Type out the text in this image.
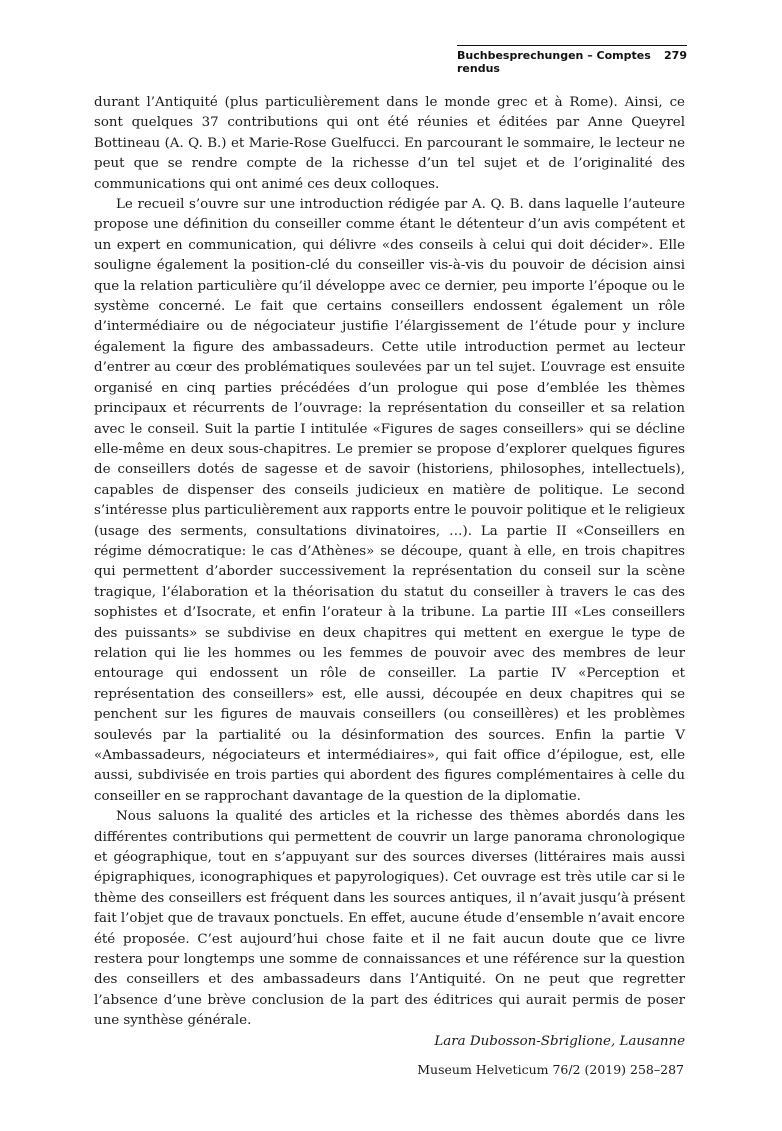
Buchbesprechungen – Comptes rendus
279

durant l’Antiquité (plus particulièrement dans le monde grec et à Rome). Ainsi, ce sont quelques 37 contributions qui ont été réunies et éditées par Anne Queyrel Bottineau (A. Q. B.) et Marie-Rose Guelfucci. En parcourant le sommaire, le lecteur ne peut que se rendre compte de la richesse d’un tel sujet et de l’originalité des communications qui ont animé ces deux colloques.

Le recueil s’ouvre sur une introduction rédigée par A. Q. B. dans laquelle l’auteure propose une définition du conseiller comme étant le détenteur d’un avis compétent et un expert en communication, qui délivre «des conseils à celui qui doit décider». Elle souligne également la position-clé du conseiller vis-à-vis du pouvoir de décision ainsi que la relation particulière qu’il développe avec ce dernier, peu importe l’époque ou le système concerné. Le fait que certains conseillers endossent également un rôle d’intermédiaire ou de négociateur justifie l’élargissement de l’étude pour y inclure également la figure des ambassadeurs. Cette utile introduction permet au lecteur d’entrer au cœur des problématiques soulevées par un tel sujet. L’ouvrage est ensuite organisé en cinq parties précédées d’un prologue qui pose d’emblée les thèmes principaux et récurrents de l’ouvrage: la représentation du conseiller et sa relation avec le conseil. Suit la partie I intitulée «Figures de sages conseillers» qui se décline elle-même en deux sous-chapitres. Le premier se propose d’explorer quelques figures de conseillers dotés de sagesse et de savoir (historiens, philosophes, intellectuels), capables de dispenser des conseils judicieux en matière de politique. Le second s’intéresse plus particulièrement aux rapports entre le pouvoir politique et le religieux (usage des serments, consultations divinatoires, …). La partie II «Conseillers en régime démocratique: le cas d’Athènes» se découpe, quant à elle, en trois chapitres qui permettent d’aborder successivement la représentation du conseil sur la scène tragique, l’élaboration et la théorisation du statut du conseiller à travers le cas des sophistes et d’Isocrate, et enfin l’orateur à la tribune. La partie III «Les conseillers des puissants» se subdivise en deux chapitres qui mettent en exergue le type de relation qui lie les hommes ou les femmes de pouvoir avec des membres de leur entourage qui endossent un rôle de conseiller. La partie IV «Perception et représentation des conseillers» est, elle aussi, découpée en deux chapitres qui se penchent sur les figures de mauvais conseillers (ou conseillères) et les problèmes soulevés par la partialité ou la désinformation des sources. Enfin la partie V «Ambassadeurs, négociateurs et intermédiaires», qui fait office d’épilogue, est, elle aussi, subdivisée en trois parties qui abordent des figures complémentaires à celle du conseiller en se rapprochant davantage de la question de la diplomatie.

Nous saluons la qualité des articles et la richesse des thèmes abordés dans les différentes contributions qui permettent de couvrir un large panorama chronologique et géographique, tout en s’appuyant sur des sources diverses (littéraires mais aussi épigraphiques, iconographiques et papyrologiques). Cet ouvrage est très utile car si le thème des conseillers est fréquent dans les sources antiques, il n’avait jusqu’à présent fait l’objet que de travaux ponctuels. En effet, aucune étude d’ensemble n’avait encore été proposée. C’est aujourd’hui chose faite et il ne fait aucun doute que ce livre restera pour longtemps une somme de connaissances et une référence sur la question des conseillers et des ambassadeurs dans l’Antiquité. On ne peut que regretter l’absence d’une brève conclusion de la part des éditrices qui aurait permis de poser une synthèse générale.

Lara Dubosson-Sbriglione, Lausanne
Museum Helveticum 76/2 (2019) 258–287
